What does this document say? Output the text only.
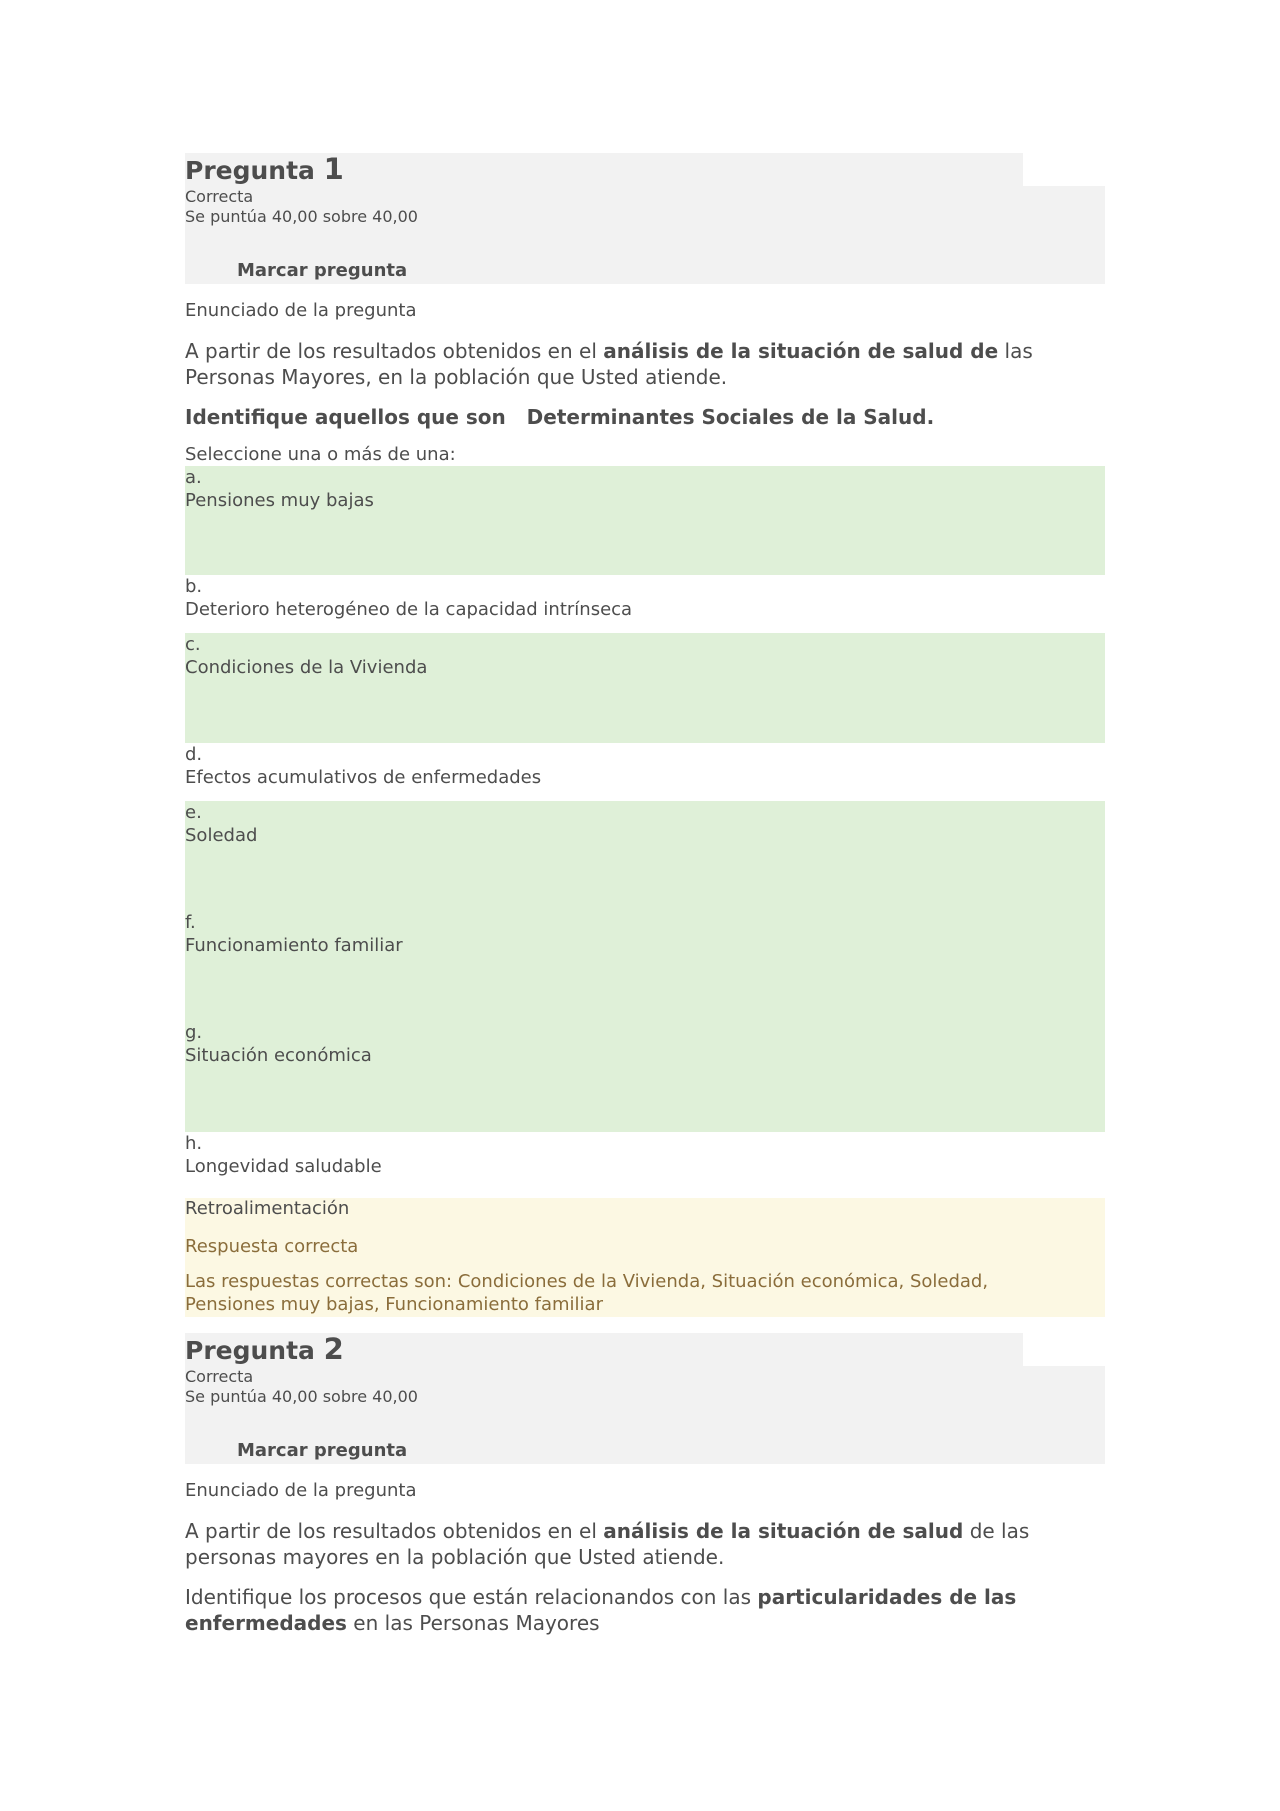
Pregunta 1
Correcta
Se puntúa 40,00 sobre 40,00
Marcar pregunta
Enunciado de la pregunta
A partir de los resultados obtenidos en el análisis de la situación de salud de las Personas Mayores, en la población que Usted atiende.
Identifique aquellos que son   Determinantes Sociales de la Salud.
Seleccione una o más de una:
a.
Pensiones muy bajas
b.
Deterioro heterogéneo de la capacidad intrínseca
c.
Condiciones de la Vivienda
d.
Efectos acumulativos de enfermedades
e.
Soledad
f.
Funcionamiento familiar
g.
Situación económica
h.
Longevidad saludable
Retroalimentación
Respuesta correcta
Las respuestas correctas son: Condiciones de la Vivienda, Situación económica, Soledad, Pensiones muy bajas, Funcionamiento familiar
Pregunta 2
Correcta
Se puntúa 40,00 sobre 40,00
Marcar pregunta
Enunciado de la pregunta
A partir de los resultados obtenidos en el análisis de la situación de salud de las personas mayores en la población que Usted atiende.
Identifique los procesos que están relacionandos con las particularidades de las enfermedades en las Personas Mayores
